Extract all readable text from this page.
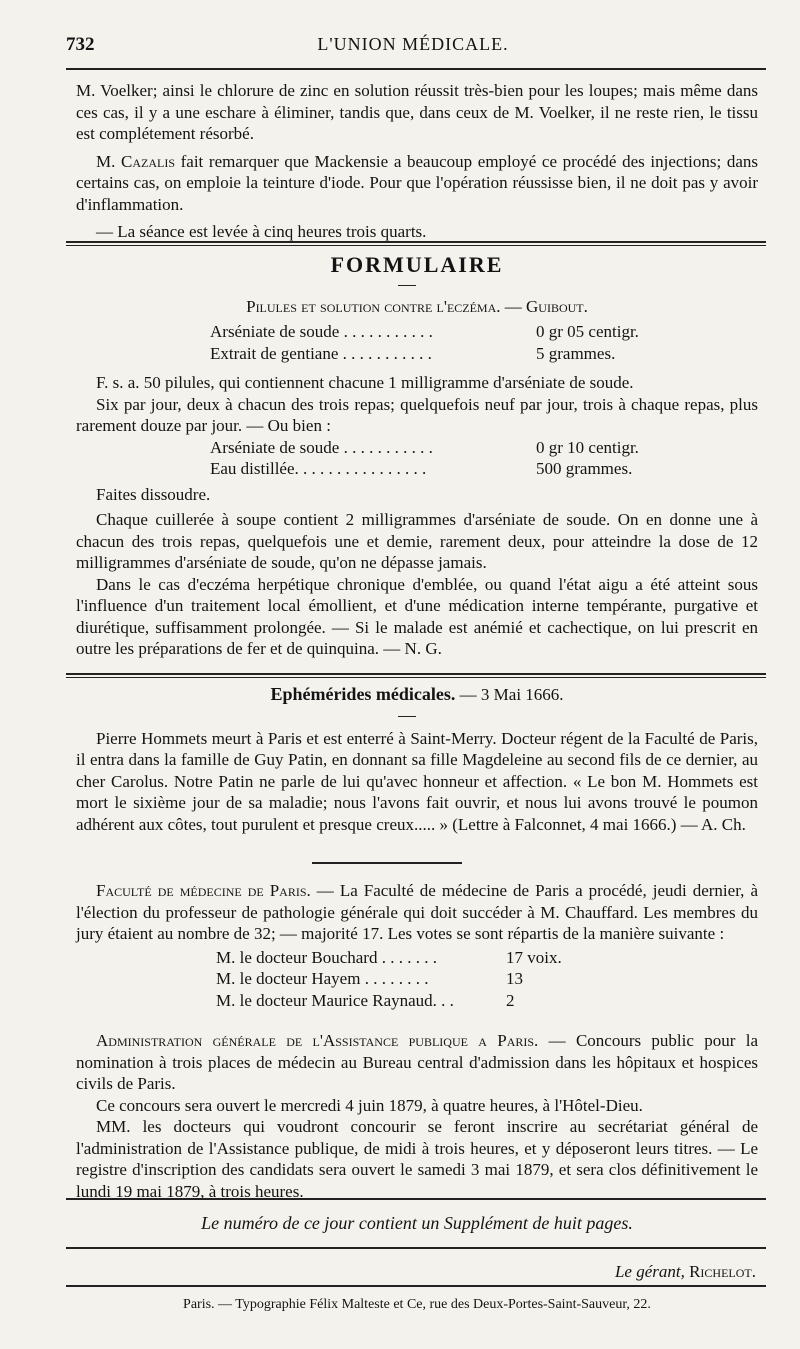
732	L'UNION MÉDICALE.

M. Voelker; ainsi le chlorure de zinc en solution réussit très-bien pour les loupes; mais même dans ces cas, il y a une eschare à éliminer, tandis que, dans ceux de M. Voelker, il ne reste rien, le tissu est complétement résorbé.

M. Cazalis fait remarquer que Mackensie a beaucoup employé ce procédé des injections; dans certains cas, on emploie la teinture d'iode. Pour que l'opération réussisse bien, il ne doit pas y avoir d'inflammation.

— La séance est levée à cinq heures trois quarts.

FORMULAIRE
Pilules et solution contre l'eczéma. — Guibout.
Arséniate de soude . . . . . . . . . . .	0 gr 05 centigr.
Extrait de gentiane . . . . . . . . . . .	5 grammes.

F. s. a. 50 pilules, qui contiennent chacune 1 milligramme d'arséniate de soude.

Six par jour, deux à chacun des trois repas; quelquefois neuf par jour, trois à chaque repas, plus rarement douze par jour. — Ou bien :

Arséniate de soude . . . . . . . . . . .	0 gr 10 centigr.
Eau distillée. . . . . . . . . . . . . . . .	500 grammes.

Faites dissoudre.

Chaque cuillerée à soupe contient 2 milligrammes d'arséniate de soude. On en donne une à chacun des trois repas, quelquefois une et demie, rarement deux, pour atteindre la dose de 12 milligrammes d'arséniate de soude, qu'on ne dépasse jamais.

Dans le cas d'eczéma herpétique chronique d'emblée, ou quand l'état aigu a été atteint sous l'influence d'un traitement local émollient, et d'une médication interne tempérante, purgative et diurétique, suffisamment prolongée. — Si le malade est anémié et cachectique, on lui prescrit en outre les préparations de fer et de quinquina. — N. G.

Ephémérides médicales. — 3 Mai 1666.

Pierre Hommets meurt à Paris et est enterré à Saint-Merry. Docteur régent de la Faculté de Paris, il entra dans la famille de Guy Patin, en donnant sa fille Magdeleine au second fils de ce dernier, au cher Carolus. Notre Patin ne parle de lui qu'avec honneur et affection. « Le bon M. Hommets est mort le sixième jour de sa maladie; nous l'avons fait ouvrir, et nous lui avons trouvé le poumon adhérent aux côtes, tout purulent et presque creux..... » (Lettre à Falconnet, 4 mai 1666.) — A. Ch.

Faculté de médecine de Paris. — La Faculté de médecine de Paris a procédé, jeudi dernier, à l'élection du professeur de pathologie générale qui doit succéder à M. Chauffard. Les membres du jury étaient au nombre de 32; — majorité 17. Les votes se sont répartis de la manière suivante :

M. le docteur Bouchard . . . . . . .	17 voix.
M. le docteur Hayem . . . . . . . .	13
M. le docteur Maurice Raynaud. . .	2

Administration générale de l'Assistance publique a Paris. — Concours public pour la nomination à trois places de médecin au Bureau central d'admission dans les hôpitaux et hospices civils de Paris.

Ce concours sera ouvert le mercredi 4 juin 1879, à quatre heures, à l'Hôtel-Dieu.

MM. les docteurs qui voudront concourir se feront inscrire au secrétariat général de l'administration de l'Assistance publique, de midi à trois heures, et y déposeront leurs titres. — Le registre d'inscription des candidats sera ouvert le samedi 3 mai 1879, et sera clos définitivement le lundi 19 mai 1879, à trois heures.

Le numéro de ce jour contient un Supplément de huit pages.
Le gérant, Richelot.
Paris. — Typographie Félix Malteste et Ce, rue des Deux-Portes-Saint-Sauveur, 22.
